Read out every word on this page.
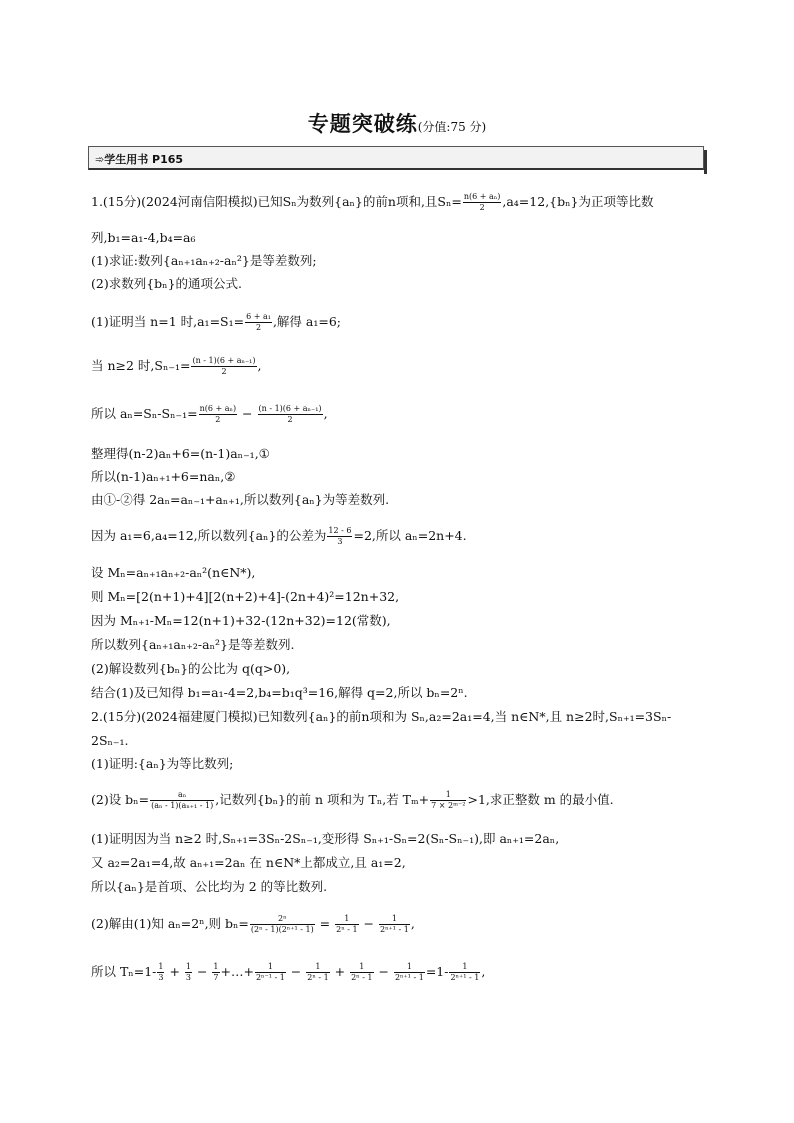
专题突破练(分值:75 分)
➾学生用书 P165
1.(15分)(2024河南信阳模拟)已知Sₙ为数列{aₙ}的前n项和,且$S_n= \frac{\text{n(6 + aₙ)}}{2} ,a_4=12,\{b_n\}$为正项等比数
列,b₁=a₁-4,b₄=a₆
(1)求证:数列{aₙ₊₁aₙ₊₂-aₙ²}是等差数列;
(2)求数列{bₙ}的通项公式.
(1)证明当 n=1 时$,a_1=S_1= \frac{\text{6 + a₁}}{2}$ ,解得 a₁=6;
当 n≥2 时$,S_{n-1}= \frac{\text{(n - 1)(6 + aₙ₋₁)}}{2}$ ,
所以 $a_n=S_n-S_{n-1}= \frac{\text{n(6 + aₙ)}}{2} - \frac{\text{(n - 1)(6 + aₙ₋₁)}}{2}$ ,
整理得(n-2)aₙ+6=(n-1)aₙ₋₁,①
所以(n-1)aₙ₊₁+6=naₙ,②
由①-②得 2aₙ=aₙ₋₁+aₙ₊₁,所以数列{aₙ}为等差数列.
因为 a₁=6,a₄=12,所以数列{aₙ}的公差为 $\frac{12 - 6}{3} =2$,所以 aₙ=2n+4.
设 Mₙ=aₙ₊₁aₙ₊₂-aₙ²(n∈N*),
则 Mₙ=[2(n+1)+4][2(n+2)+4]-(2n+4)²=12n+32,
因为 Mₙ₊₁-Mₙ=12(n+1)+32-(12n+32)=12(常数),
所以数列{aₙ₊₁aₙ₊₂-aₙ²}是等差数列.
(2)解设数列{bₙ}的公比为 q(q>0),
结合(1)及已知得 b₁=a₁-4=2,b₄=b₁q³=16,解得 q=2,所以 bₙ=2ⁿ.
2.(15分)(2024福建厦门模拟)已知数列{aₙ}的前n项和为 Sₙ,a₂=2a₁=4,当 n∈N*,且 n≥2时,Sₙ₊₁=3Sₙ-
2Sₙ₋₁.
(1)证明:{aₙ}为等比数列;
(2)设 $b_n= \frac{\text{aₙ}}{\text{(aₙ - 1)(aₙ₊₁ - 1)}}$ ,记数列{bₙ}的前 n 项和为 Tₙ,若 $T_m+ \frac{1}{\text{7 × 2ᵐ⁻²}} >1$,求正整数 m 的最小值.
(1)证明因为当 n≥2 时,Sₙ₊₁=3Sₙ-2Sₙ₋₁,变形得 Sₙ₊₁-Sₙ=2(Sₙ-Sₙ₋₁),即 aₙ₊₁=2aₙ,
又 a₂=2a₁=4,故 aₙ₊₁=2aₙ 在 n∈N*上都成立,且 a₁=2,
所以{aₙ}是首项、公比均为 2 的等比数列.
(2)解由(1)知 aₙ=2ⁿ,则 $b_n= \frac{\text{2ⁿ}}{\text{(2ⁿ - 1)(2ⁿ⁺¹ - 1)}} = \frac{1}{\text{2ⁿ - 1}} - \frac{1}{\text{2ⁿ⁺¹ - 1}}$ ,
所以 $T_n=1- \frac{1}{3} + \frac{1}{3} - \frac{1}{7}$ +…+ $\frac{1}{\text{2ⁿ⁻¹ - 1}} - \frac{1}{\text{2ⁿ - 1}} + \frac{1}{\text{2ⁿ - 1}} - \frac{1}{\text{2ⁿ⁺¹ - 1}} =1- \frac{1}{\text{2ⁿ⁺¹ - 1}}$ ,
